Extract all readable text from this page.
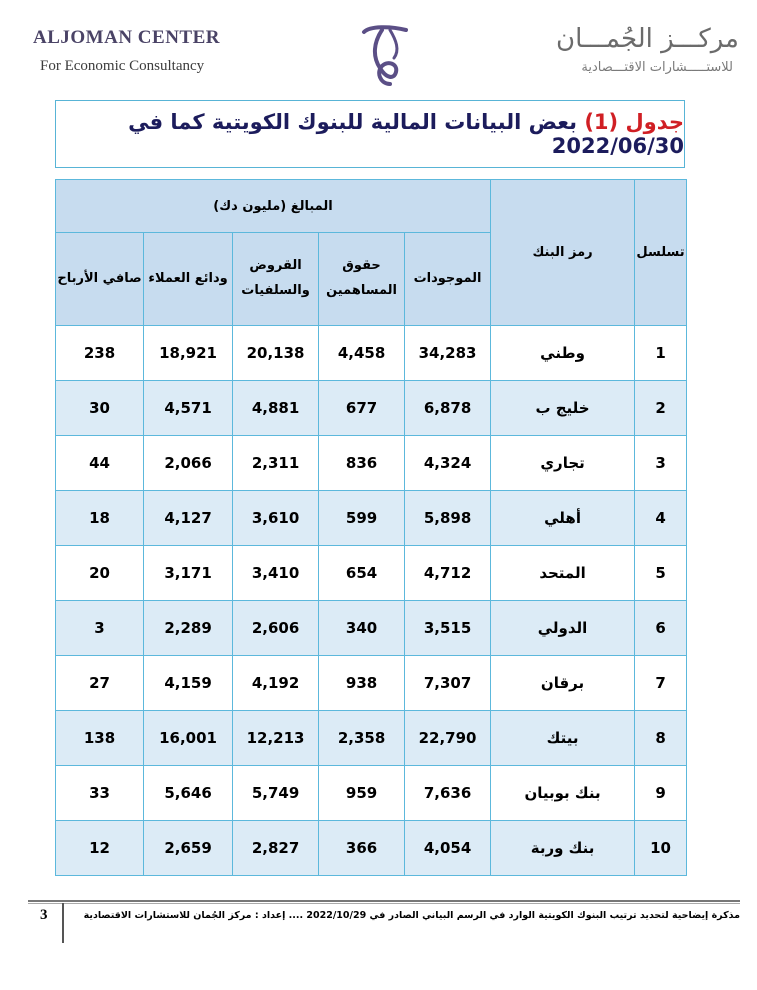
ALJOMAN CENTER
For Economic Consultancy
مركـــز الجُمـــان
للاستـــــشارات الاقتـــصادية
جدول (1) بعض البيانات المالية للبنوك الكويتية كما في 2022/06/30
تسلسل	رمز البنك	المبالغ (مليون دك)				
		الموجودات	حقوق المساهمين	القروض والسلفيات	ودائع العملاء	صافي الأرباح
1	وطني	34,283	4,458	20,138	18,921	238
2	خليج ب	6,878	677	4,881	4,571	30
3	تجاري	4,324	836	2,311	2,066	44
4	أهلي	5,898	599	3,610	4,127	18
5	المتحد	4,712	654	3,410	3,171	20
6	الدولي	3,515	340	2,606	2,289	3
7	برقان	7,307	938	4,192	4,159	27
8	بيتك	22,790	2,358	12,213	16,001	138
9	بنك بوبيان	7,636	959	5,749	5,646	33
10	بنك وربة	4,054	366	2,827	2,659	12
3	مذكرة إيضاحية لتحديد ترتيب البنوك الكويتية الوارد في الرسم البياني الصادر في 2022/10/29 .... إعداد : مركز الجُمان للاستشارات الاقتصادية
